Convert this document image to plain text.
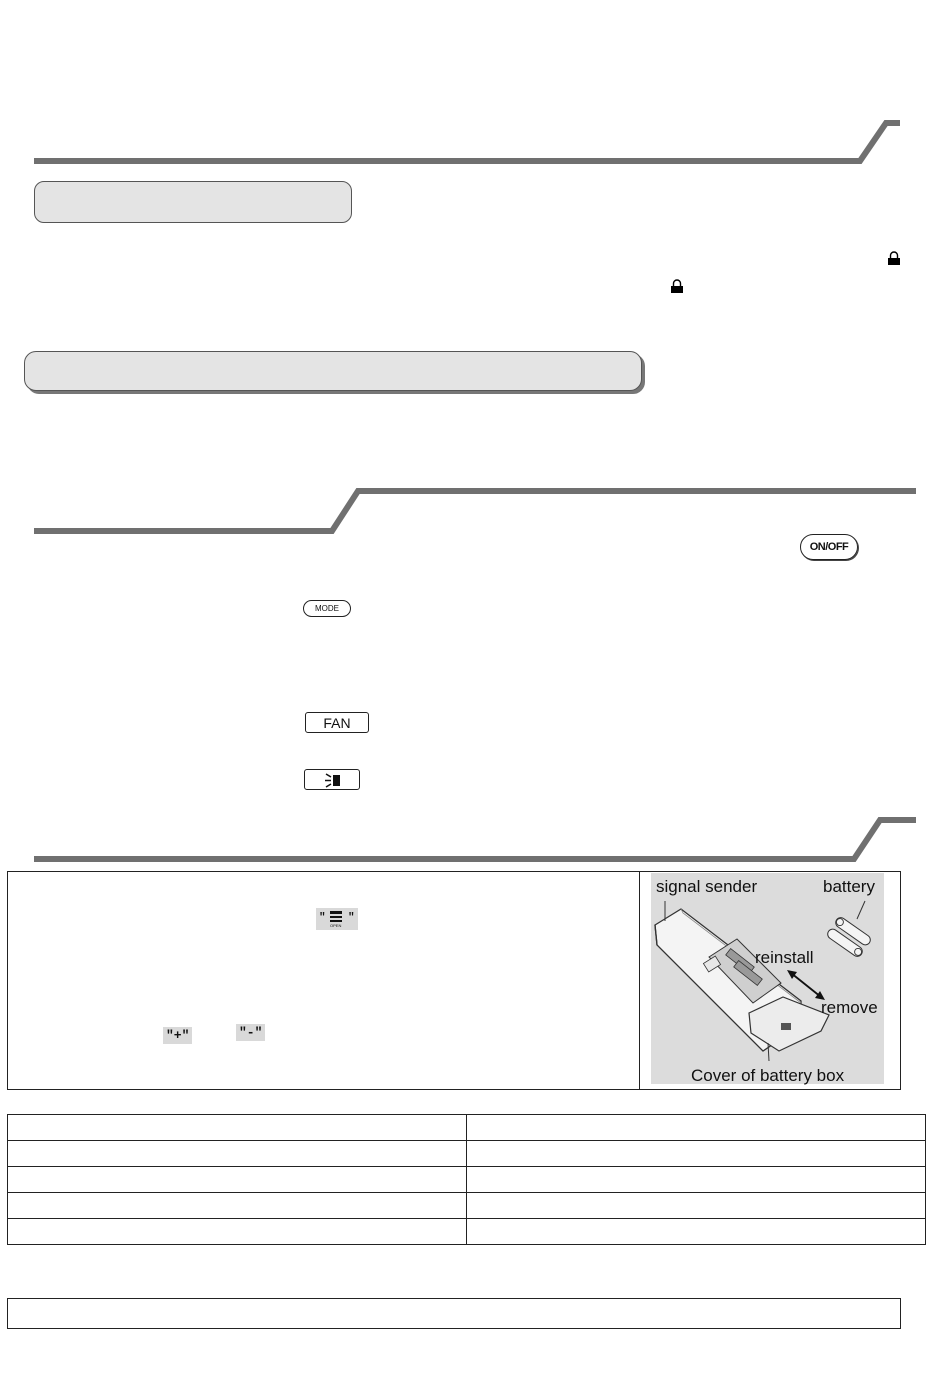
ON/OFF
MODE
FAN
" "
OPEN
"+"	"-"
signal sender	battery
reinstall
remove
Cover of battery box
